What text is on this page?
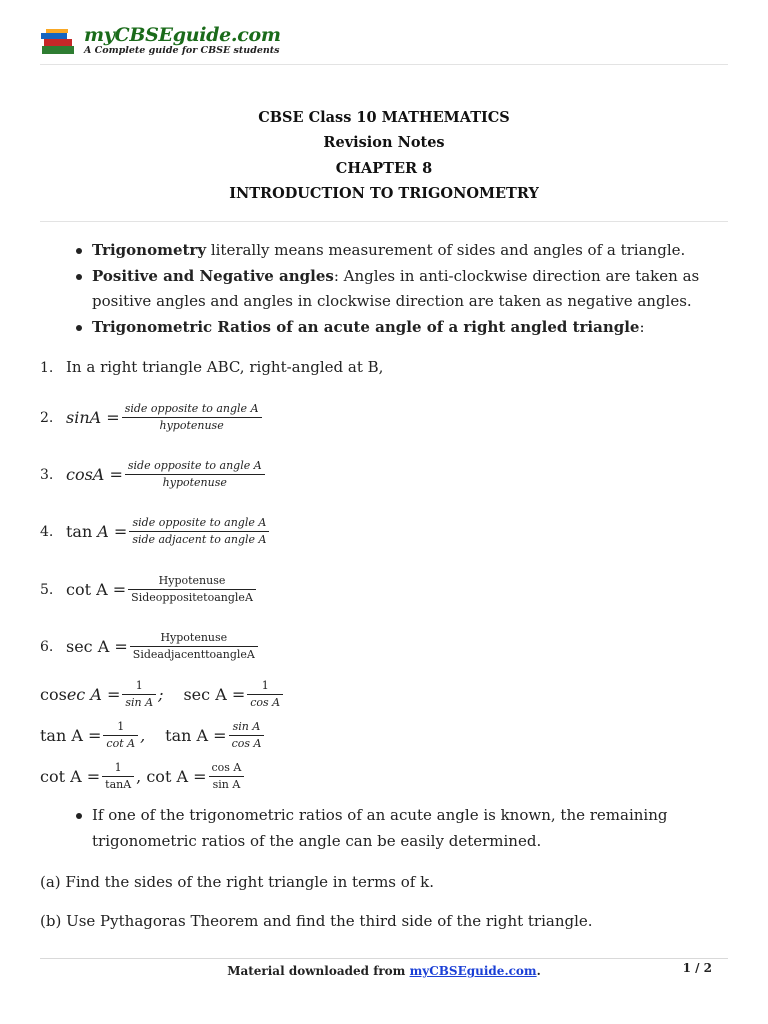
myCBSEguide.com
A Complete guide for CBSE students
CBSE Class 10 MATHEMATICS
Revision Notes
CHAPTER 8
INTRODUCTION TO TRIGONOMETRY
Trigonometry literally means measurement of sides and angles of a triangle.
Positive and Negative angles: Angles in anti-clockwise direction are taken as positive angles and angles in clockwise direction are taken as negative angles.
Trigonometric Ratios of an acute angle of a right angled triangle:
1. In a right triangle ABC, right-angled at B,
2. $\sin A = \frac{\text{side opposite to angle A}}{\text{hypotenuse}}$
3. $\cos A = \frac{\text{side opposite to angle A}}{\text{hypotenuse}}$
4. $\tan A = \frac{\text{side opposite to angle A}}{\text{side adjacent to angle A}}$
5. $\cot A = \frac{\text{Hypotenuse}}{\text{SideoppositetoangleA}}$
6. $\sec A = \frac{\text{Hypotenuse}}{\text{SideadjacenttoangleA}}$
cos ec $A = \frac{1}{\text{sin A}}$ ; $\sec A = \frac{1}{\text{cos A}}$
$\tan A = \frac{1}{\text{cot A}}$ , $\tan A = \frac{\text{sin A}}{\text{cos A}}$
$\cot A = \frac{1}{\tan A}$ , $\cot A = \frac{\text{cos A}}{\text{sin A}}$
If one of the trigonometric ratios of an acute angle is known, the remaining trigonometric ratios of the angle can be easily determined.
(a) Find the sides of the right triangle in terms of k.
(b) Use Pythagoras Theorem and find the third side of the right triangle.
Material downloaded from myCBSEguide.com.	1 / 2
